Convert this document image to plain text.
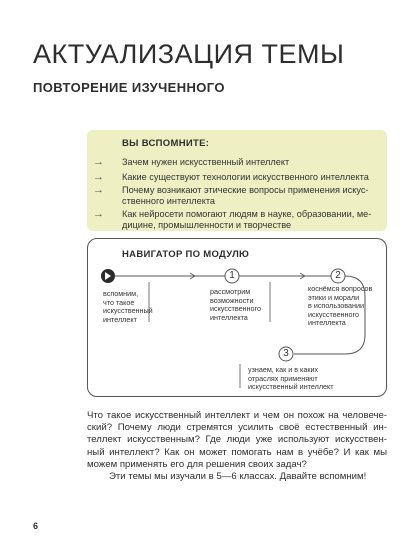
АКТУАЛИЗАЦИЯ ТЕМЫ
ПОВТОРЕНИЕ ИЗУЧЕННОГО
ВЫ ВСПОМНИТЕ:
→ Зачем нужен искусственный интеллект
→ Какие существуют технологии искусственного интеллекта
→ Почему возникают этические вопросы применения искус-
ственного интеллекта
→ Как нейросети помогают людям в науке, образовании, ме-
дицине, промышленности и творчестве
НАВИГАТОР ПО МОДУЛЮ
1	2
3
вспомним,
что такое
искусственный
интеллект
рассмотрим
возможности
искусственного
интеллекта
коснёмся вопросов
этики и морали
в использовании
искусственного
интеллекта
узнаем, как и в каких
отраслях применяют
искусственный интеллект
Что такое искусственный интеллект и чем он похож на человече-ский? Почему люди стремятся усилить своё естественный ин-теллект искусственным? Где люди уже используют искусствен-ный интеллект? Как он может помогать нам в учёбе? И как мы можем применять его для решения своих задач?
Эти темы мы изучали в 5—6 классах. Давайте вспомним!
6
